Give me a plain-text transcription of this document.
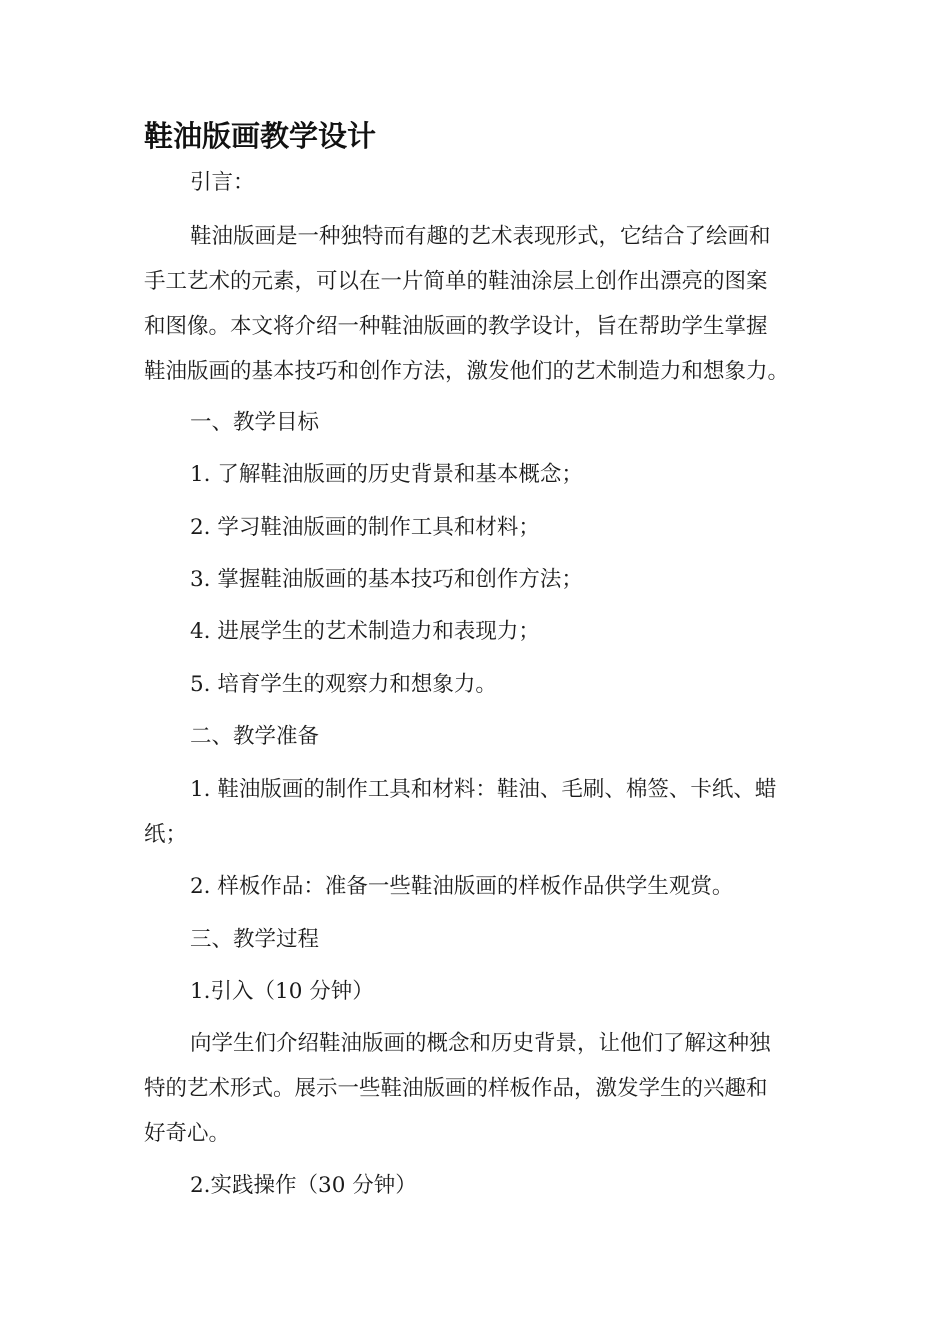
鞋油版画教学设计

引言：

鞋油版画是一种独特而有趣的艺术表现形式，它结合了绘画和

手工艺术的元素，可以在一片简单的鞋油涂层上创作出漂亮的图案

和图像。本文将介绍一种鞋油版画的教学设计，旨在帮助学生掌握

鞋油版画的基本技巧和创作方法，激发他们的艺术制造力和想象力。

一、教学目标

1. 了解鞋油版画的历史背景和基本概念；

2. 学习鞋油版画的制作工具和材料；

3. 掌握鞋油版画的基本技巧和创作方法；

4. 进展学生的艺术制造力和表现力；

5. 培育学生的观察力和想象力。

二、教学准备

1. 鞋油版画的制作工具和材料：鞋油、毛刷、棉签、卡纸、蜡

纸；

2. 样板作品：准备一些鞋油版画的样板作品供学生观赏。

三、教学过程

1.引入（10 分钟）

向学生们介绍鞋油版画的概念和历史背景，让他们了解这种独

特的艺术形式。展示一些鞋油版画的样板作品，激发学生的兴趣和

好奇心。

2.实践操作（30 分钟）
